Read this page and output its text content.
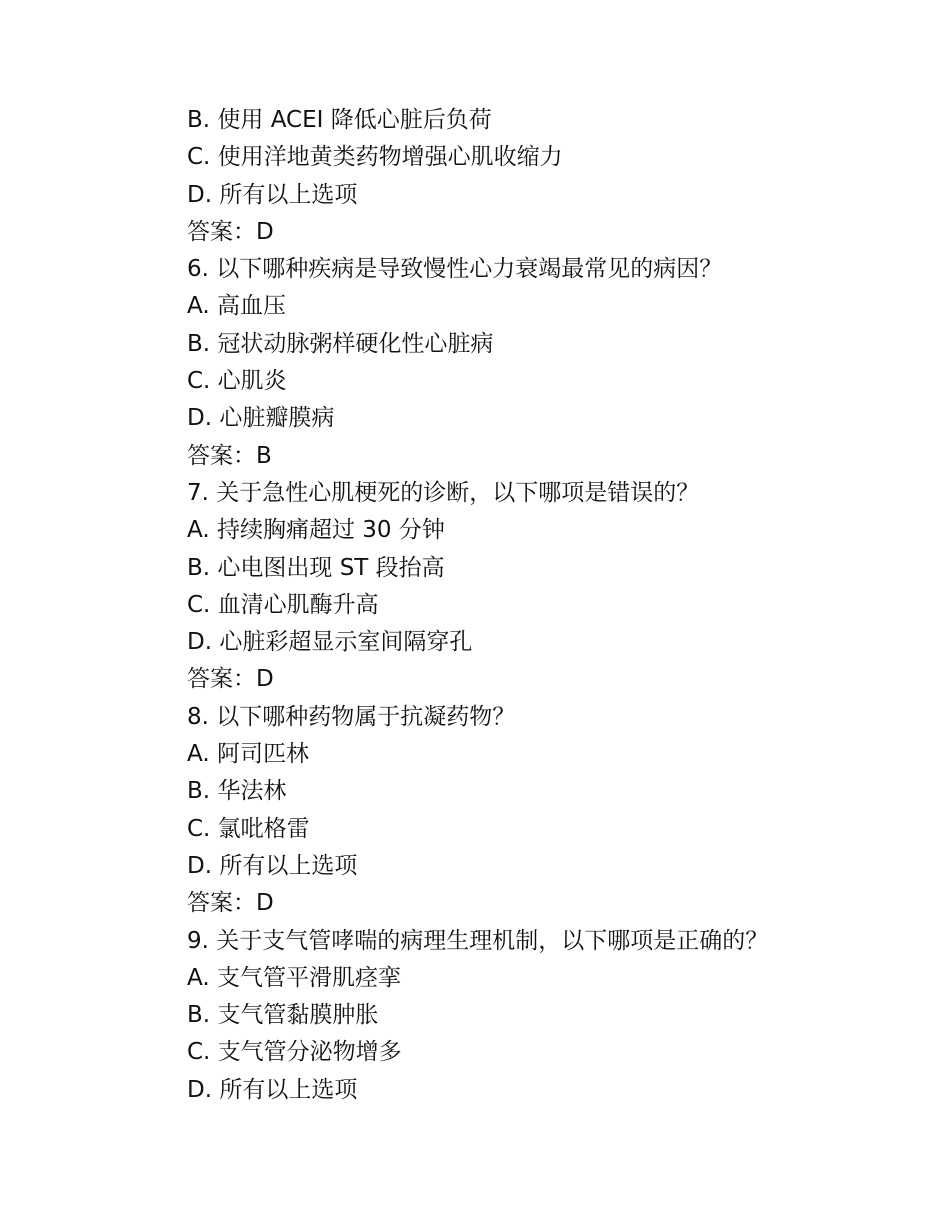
B. 使用 ACEI 降低心脏后负荷
C. 使用洋地黄类药物增强心肌收缩力
D. 所有以上选项
答案：D
6. 以下哪种疾病是导致慢性心力衰竭最常见的病因？
A. 高血压
B. 冠状动脉粥样硬化性心脏病
C. 心肌炎
D. 心脏瓣膜病
答案：B
7. 关于急性心肌梗死的诊断，以下哪项是错误的？
A. 持续胸痛超过 30 分钟
B. 心电图出现 ST 段抬高
C. 血清心肌酶升高
D. 心脏彩超显示室间隔穿孔
答案：D
8. 以下哪种药物属于抗凝药物？
A. 阿司匹林
B. 华法林
C. 氯吡格雷
D. 所有以上选项
答案：D
9. 关于支气管哮喘的病理生理机制，以下哪项是正确的？
A. 支气管平滑肌痉挛
B. 支气管黏膜肿胀
C. 支气管分泌物增多
D. 所有以上选项
